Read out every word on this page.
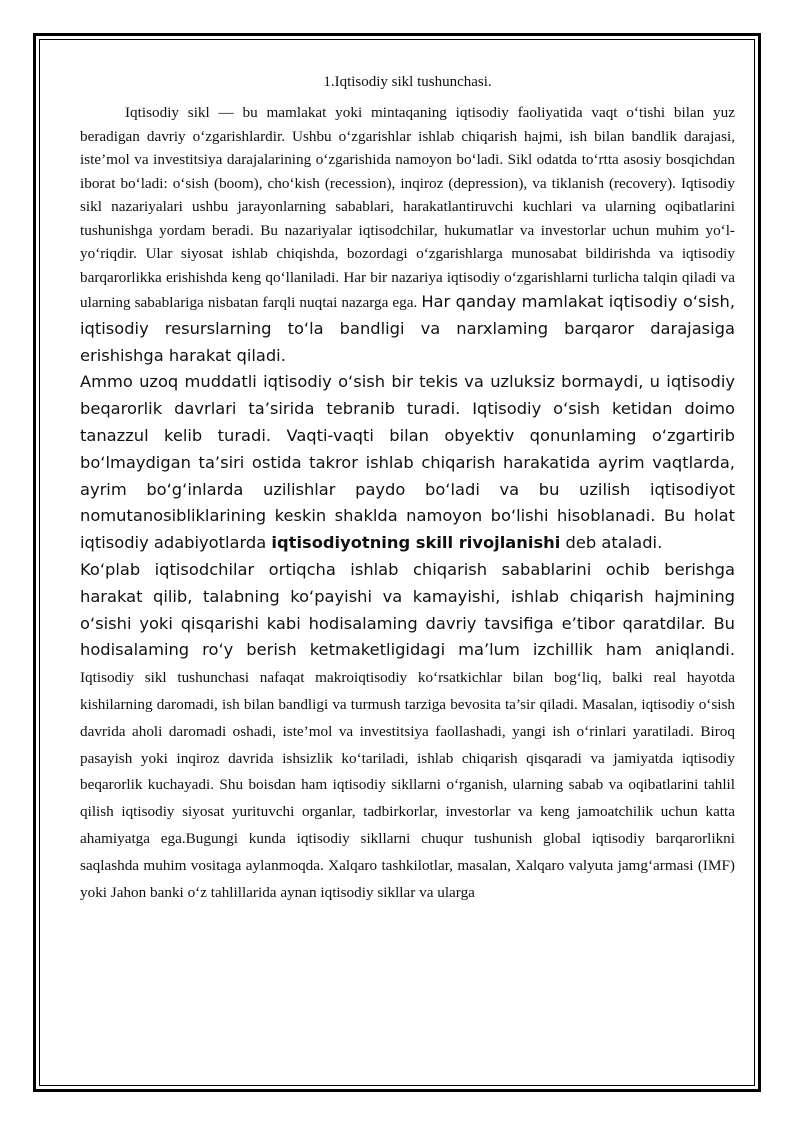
1.Iqtisodiy sikl tushunchasi.

Iqtisodiy sikl — bu mamlakat yoki mintaqaning iqtisodiy faoliyatida vaqt o‘tishi bilan yuz beradigan davriy o‘zgarishlardir. Ushbu o‘zgarishlar ishlab chiqarish hajmi, ish bilan bandlik darajasi, iste’mol va investitsiya darajalarining o‘zgarishida namoyon bo‘ladi. Sikl odatda to‘rtta asosiy bosqichdan iborat bo‘ladi: o‘sish (boom), cho‘kish (recession), inqiroz (depression), va tiklanish (recovery). Iqtisodiy sikl nazariyalari ushbu jarayonlarning sabablari, harakatlantiruvchi kuchlari va ularning oqibatlarini tushunishga yordam beradi. Bu nazariyalar iqtisodchilar, hukumatlar va investorlar uchun muhim yo‘l-yo‘riqdir. Ular siyosat ishlab chiqishda, bozordagi o‘zgarishlarga munosabat bildirishda va iqtisodiy barqarorlikka erishishda keng qo‘llaniladi. Har bir nazariya iqtisodiy o‘zgarishlarni turlicha talqin qiladi va ularning sabablariga nisbatan farqli nuqtai nazarga ega. Har qanday mamlakat iqtisodiy o‘sish, iqtisodiy resurslarning to‘la bandligi va narxlaming barqaror darajasiga erishishga harakat qiladi.

Ammo uzoq muddatli iqtisodiy o‘sish bir tekis va uzluksiz bormaydi, u iqtisodiy beqarorlik davrlari ta’sirida tebranib turadi. Iqtisodiy o‘sish ketidan doimo tanazzul kelib turadi. Vaqti-vaqti bilan obyektiv qonunlaming o‘zgartirib bo‘lmaydigan ta’siri ostida takror ishlab chiqarish harakatida ayrim vaqtlarda, ayrim bo‘g‘inlarda uzilishlar paydo bo‘ladi va bu uzilish iqtisodiyot nomutanosibliklarining keskin shaklda namoyon bo‘lishi hisoblanadi. Bu holat iqtisodiy adabiyotlarda iqtisodiyotning skill rivojlanishi deb ataladi.

Ko‘plab iqtisodchilar ortiqcha ishlab chiqarish sabablarini ochib berishga harakat qilib, talabning ko‘payishi va kamayishi, ishlab chiqarish hajmining o‘sishi yoki qisqarishi kabi hodisalaming davriy tavsifiga e’tibor qaratdilar. Bu hodisalaming ro‘y berish ketmaketligidagi ma’lum izchillik ham aniqlandi. Iqtisodiy sikl tushunchasi nafaqat makroiqtisodiy ko‘rsatkichlar bilan bog‘liq, balki real hayotda kishilarning daromadi, ish bilan bandligi va turmush tarziga bevosita ta’sir qiladi. Masalan, iqtisodiy o‘sish davrida aholi daromadi oshadi, iste’mol va investitsiya faollashadi, yangi ish o‘rinlari yaratiladi. Biroq pasayish yoki inqiroz davrida ishsizlik ko‘tariladi, ishlab chiqarish qisqaradi va jamiyatda iqtisodiy beqarorlik kuchayadi. Shu boisdan ham iqtisodiy sikllarni o‘rganish, ularning sabab va oqibatlarini tahlil qilish iqtisodiy siyosat yurituvchi organlar, tadbirkorlar, investorlar va keng jamoatchilik uchun katta ahamiyatga ega.Bugungi kunda iqtisodiy sikllarni chuqur tushunish global iqtisodiy barqarorlikni saqlashda muhim vositaga aylanmoqda. Xalqaro tashkilotlar, masalan, Xalqaro valyuta jamg‘armasi (IMF) yoki Jahon banki o‘z tahlillarida aynan iqtisodiy sikllar va ularga
